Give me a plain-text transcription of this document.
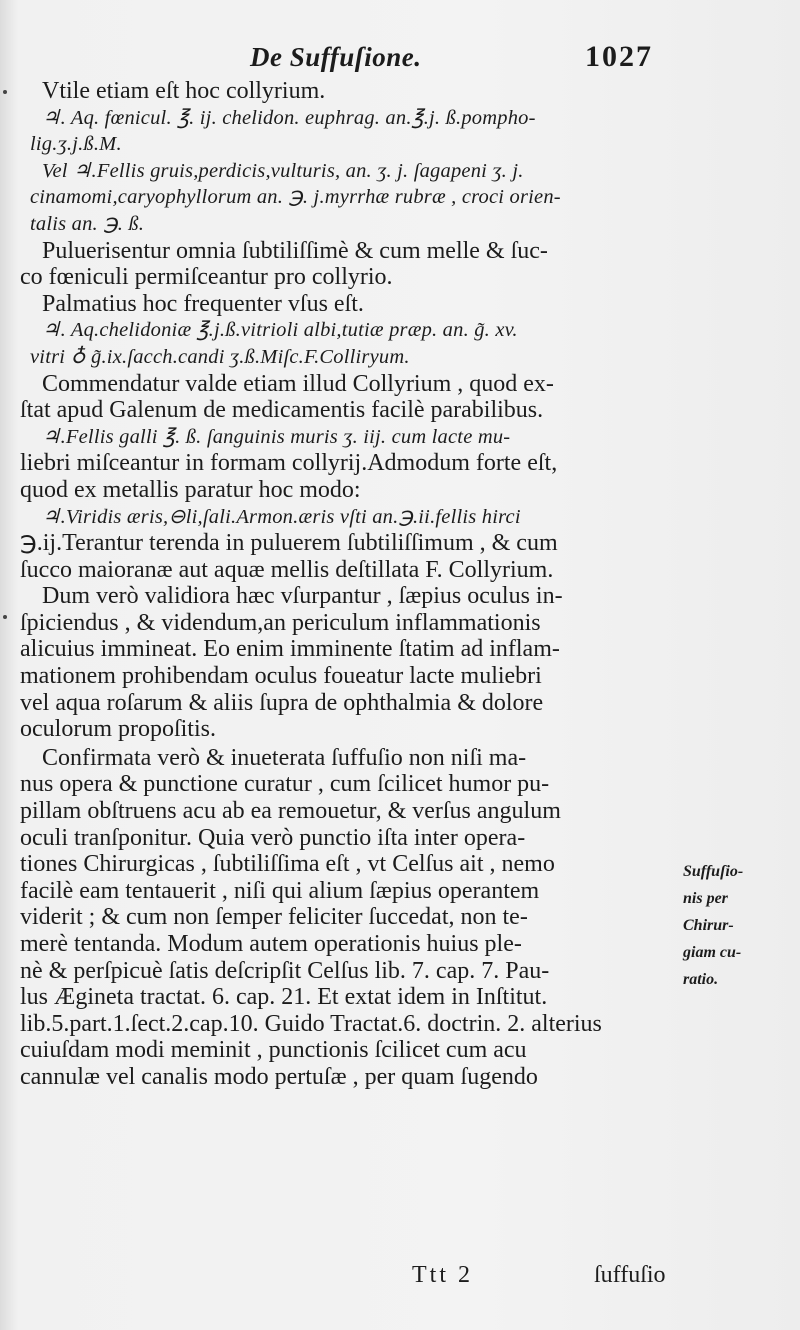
De Suffuſione.	1027
Vtile etiam eſt hoc collyrium.
♃. Aq. fœnicul. ℥. ij. chelidon. euphrag. an.℥.j. ß.pompho-
lig.ʒ.j.ß.M.
Vel ♃.Fellis gruis,perdicis,vulturis, an. ʒ. j. ſagapeni ʒ. j.
cinamomi,caryophyllorum an. ℈. j.myrrhæ rubræ , croci orien-
talis an. ℈. ß.
Puluerisentur omnia ſubtiliſſimè & cum melle & ſuc-
co fœniculi permiſceantur pro collyrio.
Palmatius hoc frequenter vſus eſt.
♃. Aq.chelidoniæ ℥.j.ß.vitrioli albi,tutiæ præp. an. g̃. xv.
vitri ♁ g̃.ix.ſacch.candi ʒ.ß.Miſc.F.Colliryum.
Commendatur valde etiam illud Collyrium , quod ex-
ſtat apud Galenum de medicamentis facilè parabilibus.
♃.Fellis galli ℥. ß. ſanguinis muris ʒ. iij. cum lacte mu-
liebri miſceantur in formam collyrij.Admodum forte eſt,
quod ex metallis paratur hoc modo:
♃.Viridis æris,⊖li,ſali.Armon.æris vſti an.℈.ii.fellis hirci
℈.ij.Terantur terenda in puluerem ſubtiliſſimum , & cum
ſucco maioranæ aut aquæ mellis deſtillata F. Collyrium.
Dum verò validiora hæc vſurpantur , ſæpius oculus in-
ſpiciendus , & videndum,an periculum inflammationis
alicuius immineat. Eo enim imminente ſtatim ad inflam-
mationem prohibendam oculus foueatur lacte muliebri
vel aqua roſarum & aliis ſupra de ophthalmia & dolore
oculorum propoſitis.
Confirmata verò & inueterata ſuffuſio non niſi ma-
nus opera & punctione curatur , cum ſcilicet humor pu-
pillam obſtruens acu ab ea remouetur, & verſus angulum
oculi tranſponitur. Quia verò punctio iſta inter opera-
tiones Chirurgicas , ſubtiliſſima eſt , vt Celſus ait , nemo
facilè eam tentauerit , niſi qui alium ſæpius operantem
viderit ; & cum non ſemper feliciter ſuccedat, non te-
merè tentanda. Modum autem operationis huius ple-
nè & perſpicuè ſatis deſcripſit Celſus lib. 7. cap. 7. Pau-
lus Ægineta tractat. 6. cap. 21. Et extat idem in Inſtitut.
lib.5.part.1.ſect.2.cap.10. Guido Tractat.6. doctrin. 2. alterius
cuiuſdam modi meminit , punctionis ſcilicet cum acu
cannulæ vel canalis modo pertuſæ , per quam ſugendo
Suffuſio-
nis per
Chirur-
giam cu-
ratio.
Ttt 2	ſuffuſio
